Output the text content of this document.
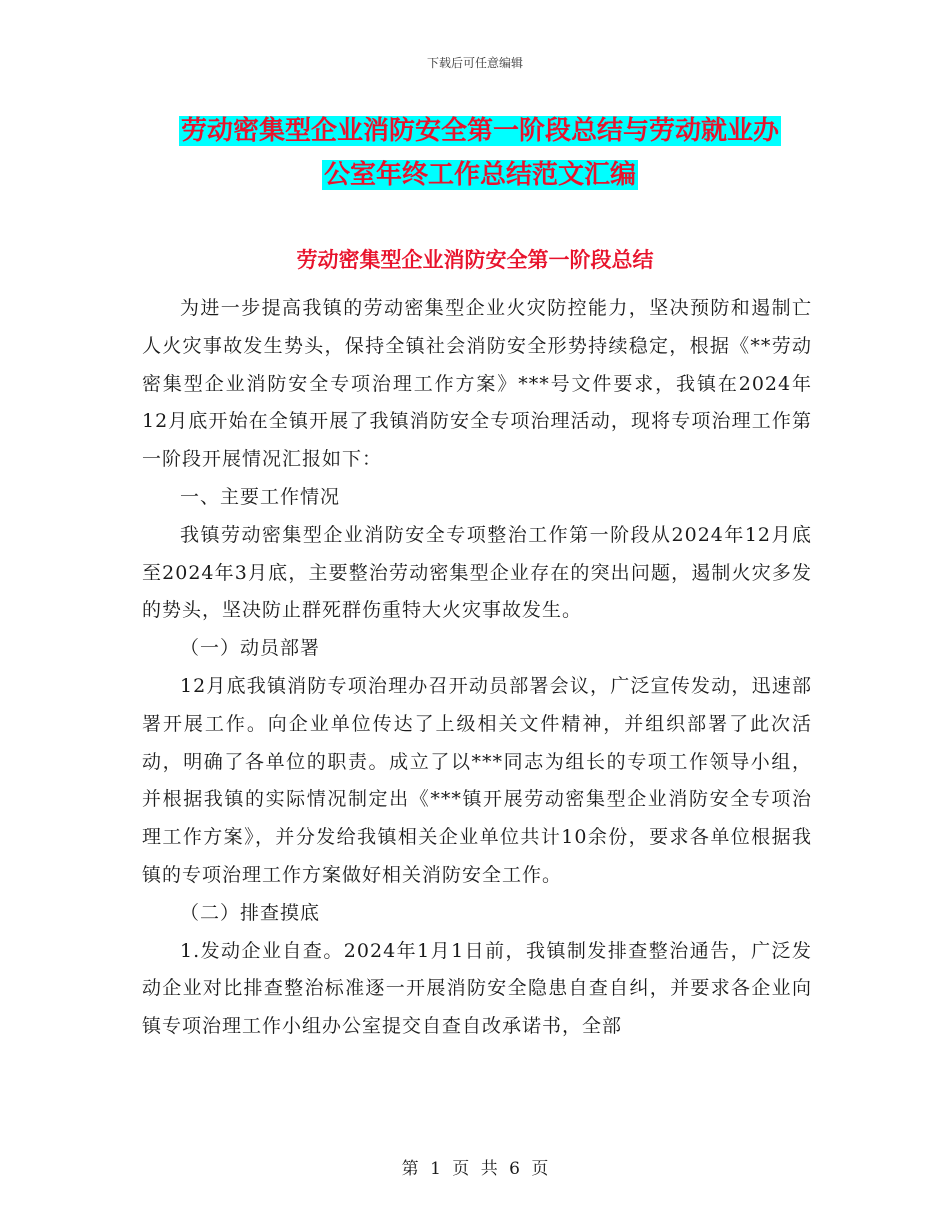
下载后可任意编辑
劳动密集型企业消防安全第一阶段总结与劳动就业办
公室年终工作总结范文汇编
劳动密集型企业消防安全第一阶段总结

为进一步提高我镇的劳动密集型企业火灾防控能力，坚决预防和遏制亡人火灾事故发生势头，保持全镇社会消防安全形势持续稳定，根据《**劳动密集型企业消防安全专项治理工作方案》***号文件要求，我镇在2024年12月底开始在全镇开展了我镇消防安全专项治理活动，现将专项治理工作第一阶段开展情况汇报如下：

一、主要工作情况

我镇劳动密集型企业消防安全专项整治工作第一阶段从2024年12月底至2024年3月底，主要整治劳动密集型企业存在的突出问题，遏制火灾多发的势头，坚决防止群死群伤重特大火灾事故发生。

（一）动员部署

12月底我镇消防专项治理办召开动员部署会议，广泛宣传发动，迅速部署开展工作。向企业单位传达了上级相关文件精神，并组织部署了此次活动，明确了各单位的职责。成立了以***同志为组长的专项工作领导小组，并根据我镇的实际情况制定出《***镇开展劳动密集型企业消防安全专项治理工作方案》，并分发给我镇相关企业单位共计10余份，要求各单位根据我镇的专项治理工作方案做好相关消防安全工作。

（二）排查摸底

1.发动企业自查。2024年1月1日前，我镇制发排查整治通告，广泛发动企业对比排查整治标准逐一开展消防安全隐患自查自纠，并要求各企业向镇专项治理工作小组办公室提交自查自改承诺书，全部

第 1 页 共 6 页
